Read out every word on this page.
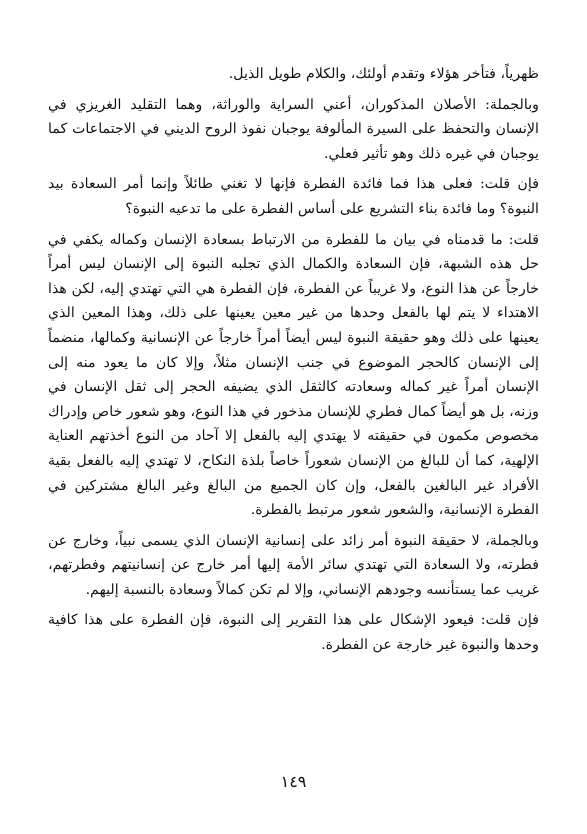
ظهرياً، فتأخر هؤلاء وتقدم أولئك، والكلام طويل الذيل.

وبالجملة: الأصلان المذكوران، أعني السراية والوراثة، وهما التقليد الغريزي في الإنسان والتحفظ على السيرة المألوفة يوجبان نفوذ الروح الديني في الاجتماعات كما يوجبان في غيره ذلك وهو تأثير فعلي.

فإن قلت: فعلى هذا فما فائدة الفطرة فإنها لا تغني طائلاً وإنما أمر السعادة بيد النبوة؟ وما فائدة بناء التشريع على أساس الفطرة على ما تدعيه النبوة؟

قلت: ما قدمناه في بيان ما للفطرة من الارتباط بسعادة الإنسان وكماله يكفي في حل هذه الشبهة، فإن السعادة والكمال الذي تجلبه النبوة إلى الإنسان ليس أمراً خارجاً عن هذا النوع، ولا غريباً عن الفطرة، فإن الفطرة هي التي تهتدي إليه، لكن هذا الاهتداء لا يتم لها بالفعل وحدها من غير معين يعينها على ذلك، وهذا المعين الذي يعينها على ذلك وهو حقيقة النبوة ليس أيضاً أمراً خارجاً عن الإنسانية وكمالها، منضماً إلى الإنسان كالحجر الموضوع في جنب الإنسان مثلاً، وإلا كان ما يعود منه إلى الإنسان أمراً غير كماله وسعادته كالثقل الذي يضيفه الحجر إلى ثقل الإنسان في وزنه، بل هو أيضاً كمال فطري للإنسان مذخور في هذا النوع، وهو شعور خاص وإدراك مخصوص مكمون في حقيقته لا يهتدي إليه بالفعل إلا آحاد من النوع أخذتهم العناية الإلهية، كما أن للبالغ من الإنسان شعوراً خاصاً بلذة النكاح، لا تهتدي إليه بالفعل بقية الأفراد غير البالغين بالفعل، وإن كان الجميع من البالغ وغير البالغ مشتركين في الفطرة الإنسانية، والشعور شعور مرتبط بالفطرة.

وبالجملة، لا حقيقة النبوة أمر زائد على إنسانية الإنسان الذي يسمى نبياً، وخارج عن فطرته، ولا السعادة التي تهتدي سائر الأمة إليها أمر خارج عن إنسانيتهم وفطرتهم، غريب عما يستأنسه وجودهم الإنساني، وإلا لم تكن كمالاً وسعادة بالنسبة إليهم.

فإن قلت: فيعود الإشكال على هذا التقرير إلى النبوة، فإن الفطرة على هذا كافية وحدها والنبوة غير خارجة عن الفطرة.

١٤٩
